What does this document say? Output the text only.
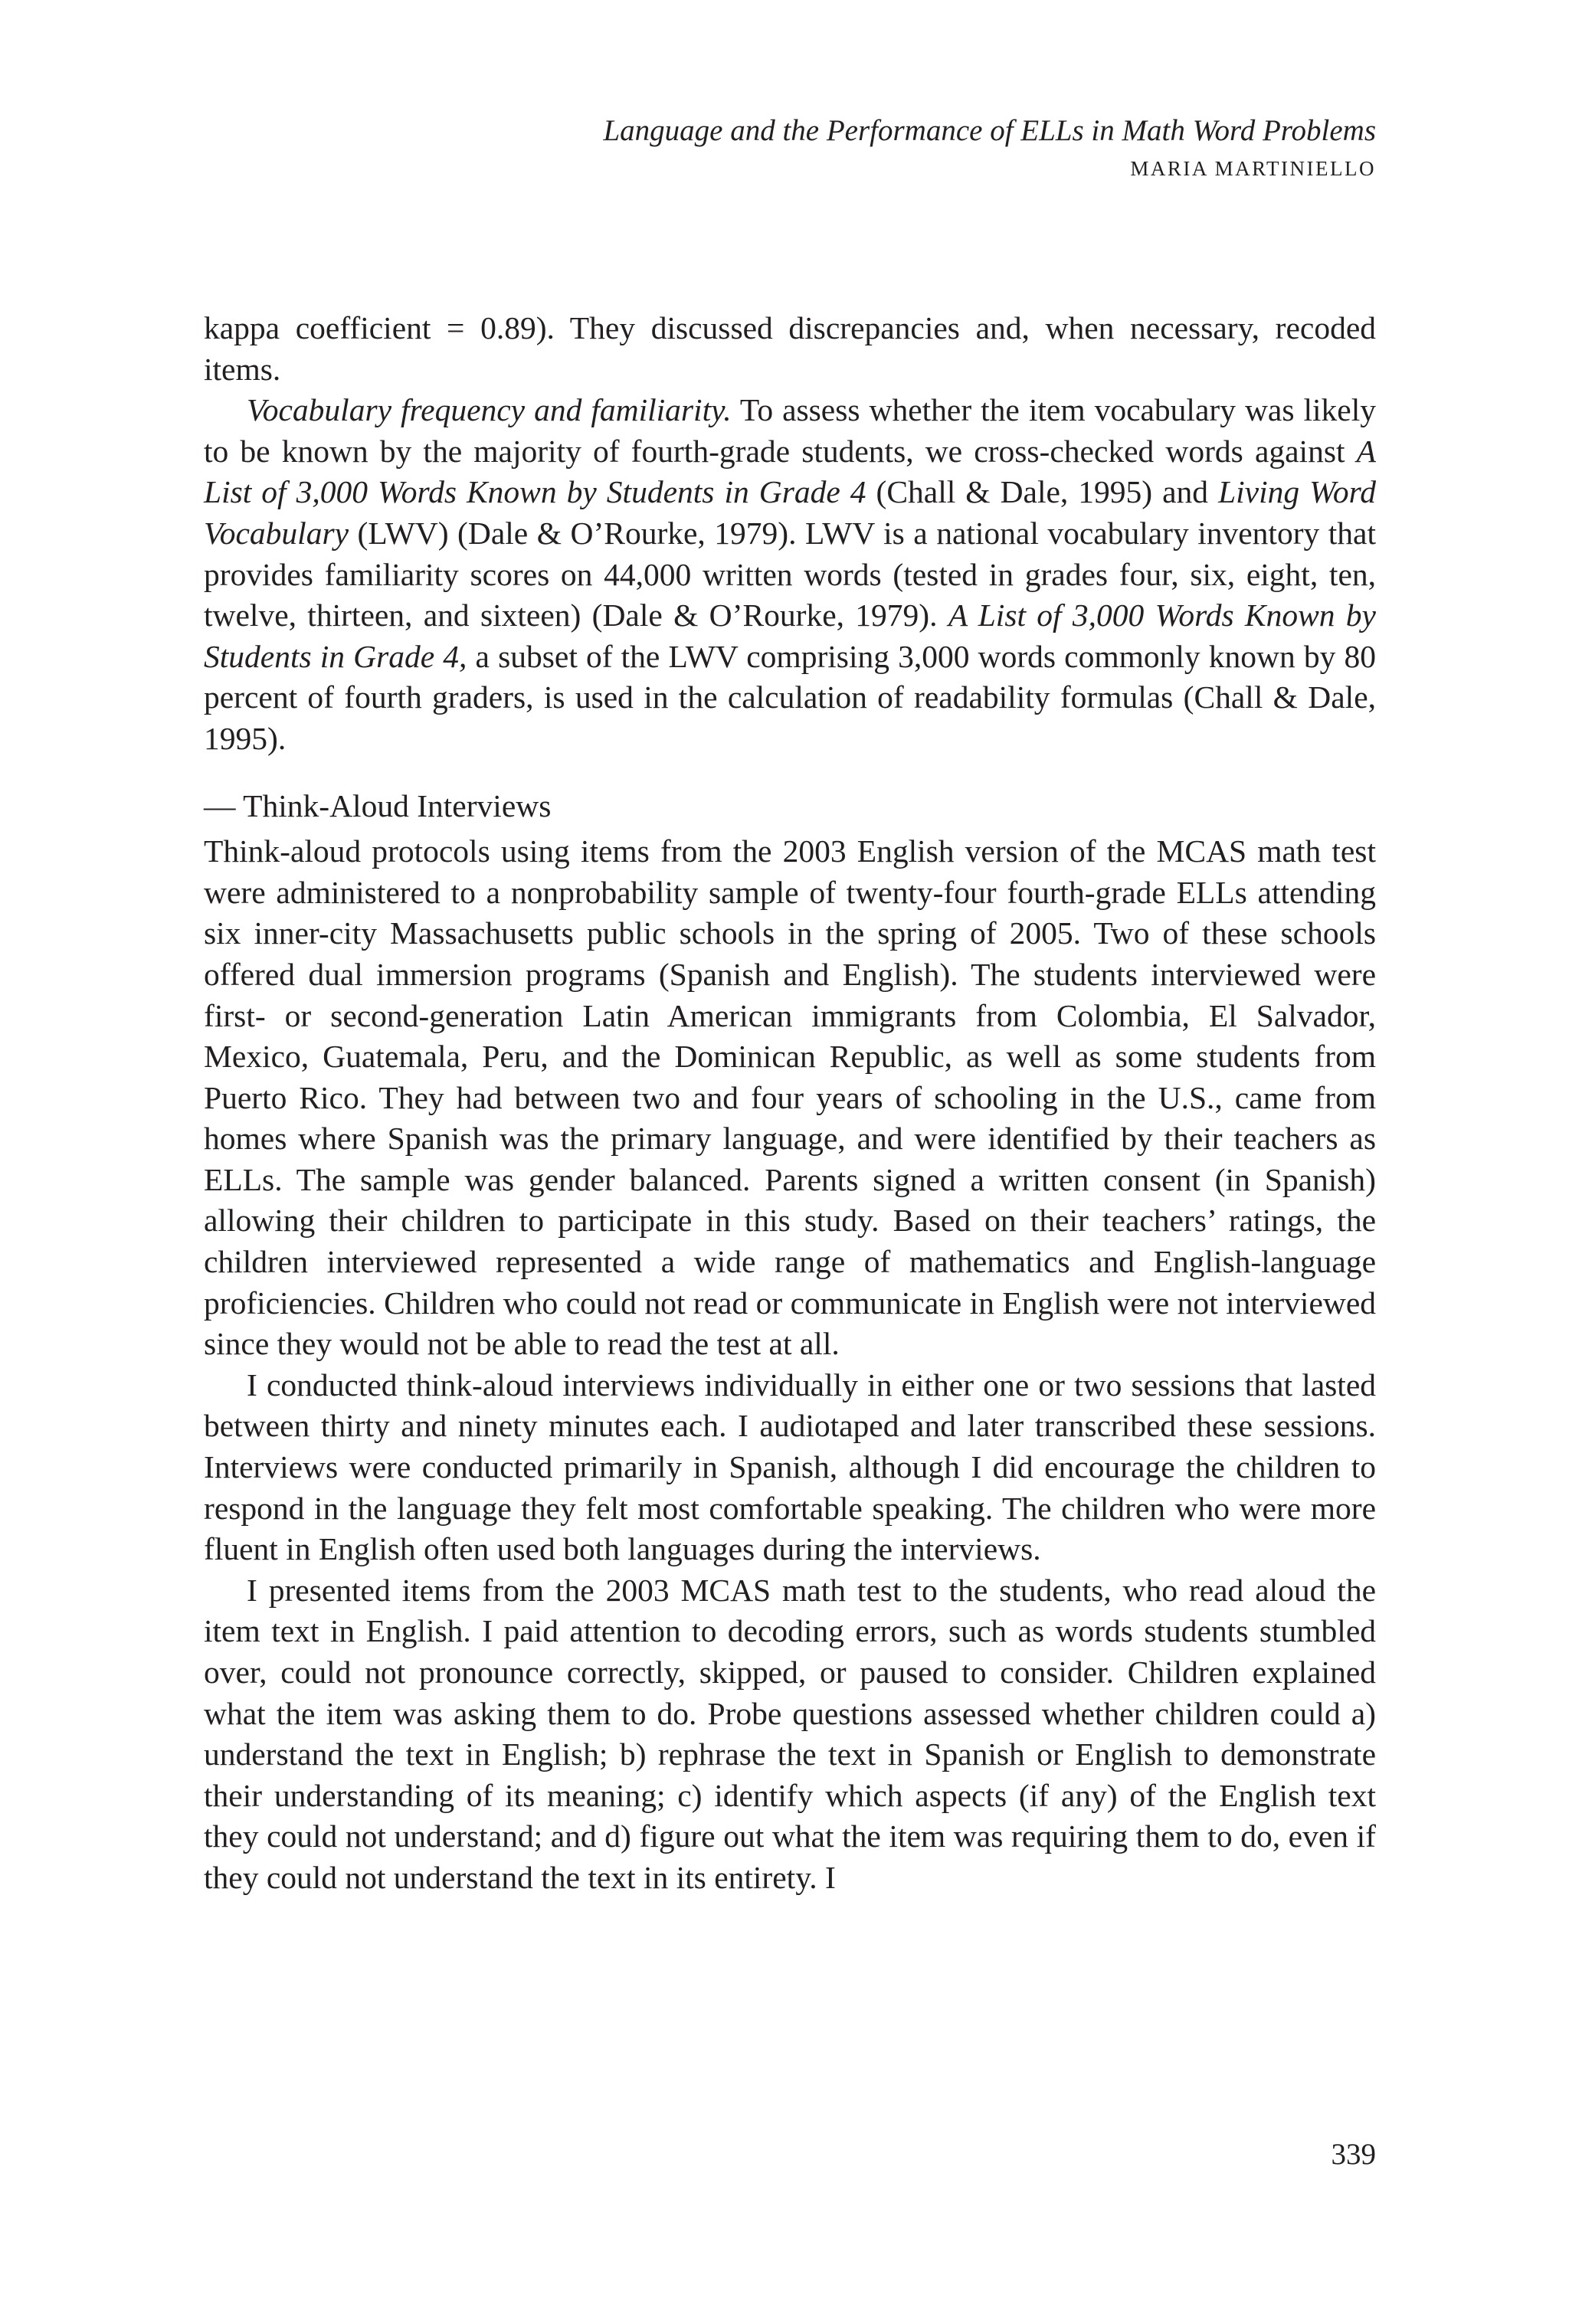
Language and the Performance of ELLs in Math Word Problems
MARIA MARTINIELLO

kappa coefficient = 0.89). They discussed discrepancies and, when necessary, recoded items.

Vocabulary frequency and familiarity. To assess whether the item vocabulary was likely to be known by the majority of fourth-grade students, we cross-checked words against A List of 3,000 Words Known by Students in Grade 4 (Chall & Dale, 1995) and Living Word Vocabulary (LWV) (Dale & O’Rourke, 1979). LWV is a national vocabulary inventory that provides familiarity scores on 44,000 written words (tested in grades four, six, eight, ten, twelve, thirteen, and sixteen) (Dale & O’Rourke, 1979). A List of 3,000 Words Known by Students in Grade 4, a subset of the LWV comprising 3,000 words commonly known by 80 percent of fourth graders, is used in the calculation of readability formulas (Chall & Dale, 1995).

— Think-Aloud Interviews

Think-aloud protocols using items from the 2003 English version of the MCAS math test were administered to a nonprobability sample of twenty-four fourth-grade ELLs attending six inner-city Massachusetts public schools in the spring of 2005. Two of these schools offered dual immersion programs (Spanish and English). The students interviewed were first- or second-generation Latin American immigrants from Colombia, El Salvador, Mexico, Guatemala, Peru, and the Dominican Republic, as well as some students from Puerto Rico. They had between two and four years of schooling in the U.S., came from homes where Spanish was the primary language, and were identified by their teachers as ELLs. The sample was gender balanced. Parents signed a written consent (in Spanish) allowing their children to participate in this study. Based on their teachers’ ratings, the children interviewed represented a wide range of mathematics and English-language proficiencies. Children who could not read or communicate in English were not interviewed since they would not be able to read the test at all.

I conducted think-aloud interviews individually in either one or two sessions that lasted between thirty and ninety minutes each. I audiotaped and later transcribed these sessions. Interviews were conducted primarily in Spanish, although I did encourage the children to respond in the language they felt most comfortable speaking. The children who were more fluent in English often used both languages during the interviews.

I presented items from the 2003 MCAS math test to the students, who read aloud the item text in English. I paid attention to decoding errors, such as words students stumbled over, could not pronounce correctly, skipped, or paused to consider. Children explained what the item was asking them to do. Probe questions assessed whether children could a) understand the text in English; b) rephrase the text in Spanish or English to demonstrate their understanding of its meaning; c) identify which aspects (if any) of the English text they could not understand; and d) figure out what the item was requiring them to do, even if they could not understand the text in its entirety. I

339
